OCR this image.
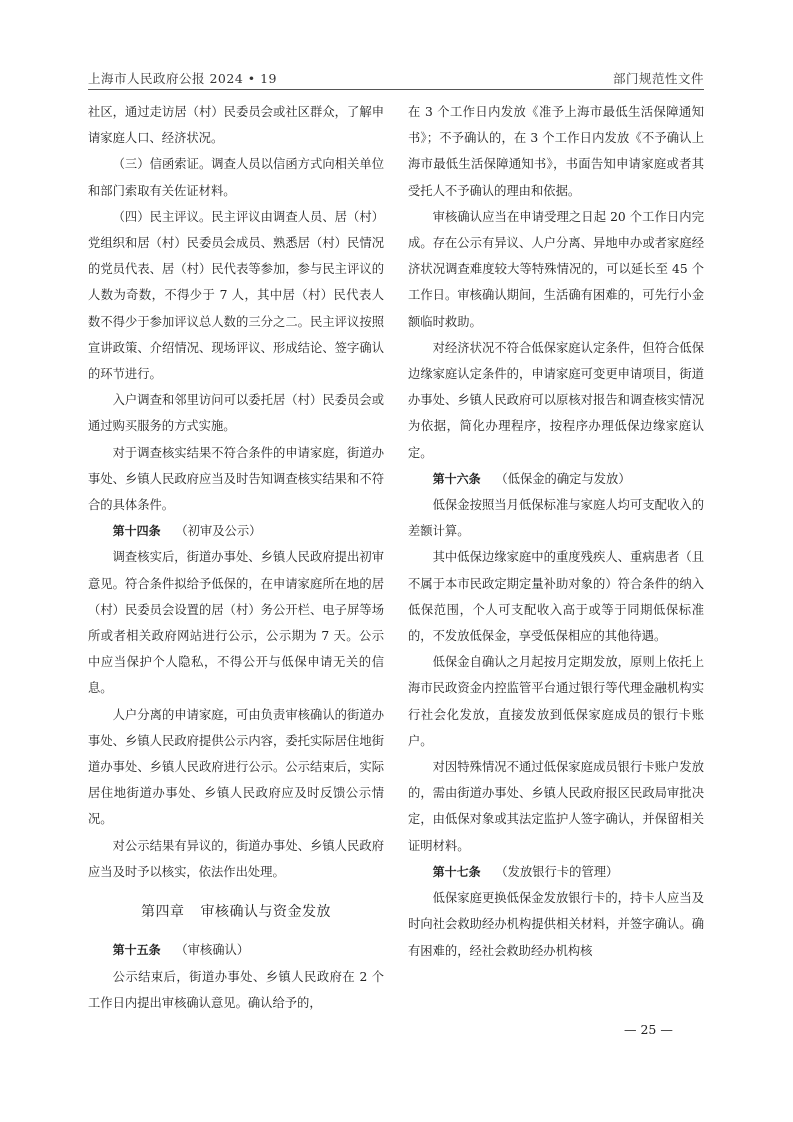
上海市人民政府公报 2024 • 19	部门规范性文件

社区，通过走访居（村）民委员会或社区群众，了解申请家庭人口、经济状况。

（三）信函索证。调查人员以信函方式向相关单位和部门索取有关佐证材料。

（四）民主评议。民主评议由调查人员、居（村）党组织和居（村）民委员会成员、熟悉居（村）民情况的党员代表、居（村）民代表等参加，参与民主评议的人数为奇数，不得少于 7 人，其中居（村）民代表人数不得少于参加评议总人数的三分之二。民主评议按照宣讲政策、介绍情况、现场评议、形成结论、签字确认的环节进行。

入户调查和邻里访问可以委托居（村）民委员会或通过购买服务的方式实施。

对于调查核实结果不符合条件的申请家庭，街道办事处、乡镇人民政府应当及时告知调查核实结果和不符合的具体条件。

第十四条 （初审及公示）

调查核实后，街道办事处、乡镇人民政府提出初审意见。符合条件拟给予低保的，在申请家庭所在地的居（村）民委员会设置的居（村）务公开栏、电子屏等场所或者相关政府网站进行公示，公示期为 7 天。公示中应当保护个人隐私，不得公开与低保申请无关的信息。

人户分离的申请家庭，可由负责审核确认的街道办事处、乡镇人民政府提供公示内容，委托实际居住地街道办事处、乡镇人民政府进行公示。公示结束后，实际居住地街道办事处、乡镇人民政府应及时反馈公示情况。

对公示结果有异议的，街道办事处、乡镇人民政府应当及时予以核实，依法作出处理。

第四章 审核确认与资金发放

第十五条 （审核确认）

公示结束后，街道办事处、乡镇人民政府在 2 个工作日内提出审核确认意见。确认给予的，

在 3 个工作日内发放《准予上海市最低生活保障通知书》；不予确认的，在 3 个工作日内发放《不予确认上海市最低生活保障通知书》，书面告知申请家庭或者其受托人不予确认的理由和依据。

审核确认应当在申请受理之日起 20 个工作日内完成。存在公示有异议、人户分离、异地申办或者家庭经济状况调查难度较大等特殊情况的，可以延长至 45 个工作日。审核确认期间，生活确有困难的，可先行小金额临时救助。

对经济状况不符合低保家庭认定条件，但符合低保边缘家庭认定条件的，申请家庭可变更申请项目，街道办事处、乡镇人民政府可以原核对报告和调查核实情况为依据，简化办理程序，按程序办理低保边缘家庭认定。

第十六条 （低保金的确定与发放）

低保金按照当月低保标准与家庭人均可支配收入的差额计算。

其中低保边缘家庭中的重度残疾人、重病患者（且不属于本市民政定期定量补助对象的）符合条件的纳入低保范围，个人可支配收入高于或等于同期低保标准的，不发放低保金，享受低保相应的其他待遇。

低保金自确认之月起按月定期发放，原则上依托上海市民政资金内控监管平台通过银行等代理金融机构实行社会化发放，直接发放到低保家庭成员的银行卡账户。

对因特殊情况不通过低保家庭成员银行卡账户发放的，需由街道办事处、乡镇人民政府报区民政局审批决定，由低保对象或其法定监护人签字确认，并保留相关证明材料。

第十七条 （发放银行卡的管理）

低保家庭更换低保金发放银行卡的，持卡人应当及时向社会救助经办机构提供相关材料，并签字确认。确有困难的，经社会救助经办机构核

— 25 —
